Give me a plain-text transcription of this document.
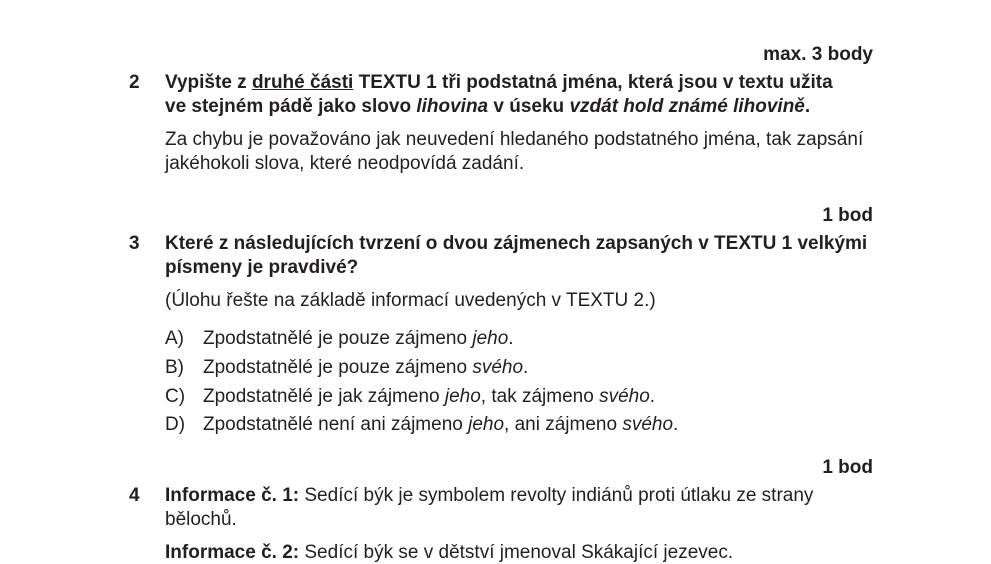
max. 3 body
2 Vypište z druhé části TEXTU 1 tři podstatná jména, která jsou v textu užita
ve stejném pádě jako slovo lihovina v úseku vzdát hold známé lihovině.
Za chybu je považováno jak neuvedení hledaného podstatného jména, tak zapsání
jakéhokoli slova, které neodpovídá zadání.
1 bod
3 Které z následujících tvrzení o dvou zájmenech zapsaných v TEXTU 1 velkými
písmeny je pravdivé?
(Úlohu řešte na základě informací uvedených v TEXTU 2.)
A) Zpodstatnělé je pouze zájmeno jeho.
B) Zpodstatnělé je pouze zájmeno svého.
C) Zpodstatnělé je jak zájmeno jeho, tak zájmeno svého.
D) Zpodstatnělé není ani zájmeno jeho, ani zájmeno svého.
1 bod
4 Informace č. 1: Sedící býk je symbolem revolty indiánů proti útlaku ze strany
bělochů.
Informace č. 2: Sedící býk se v dětství jmenoval Skákající jezevec.
